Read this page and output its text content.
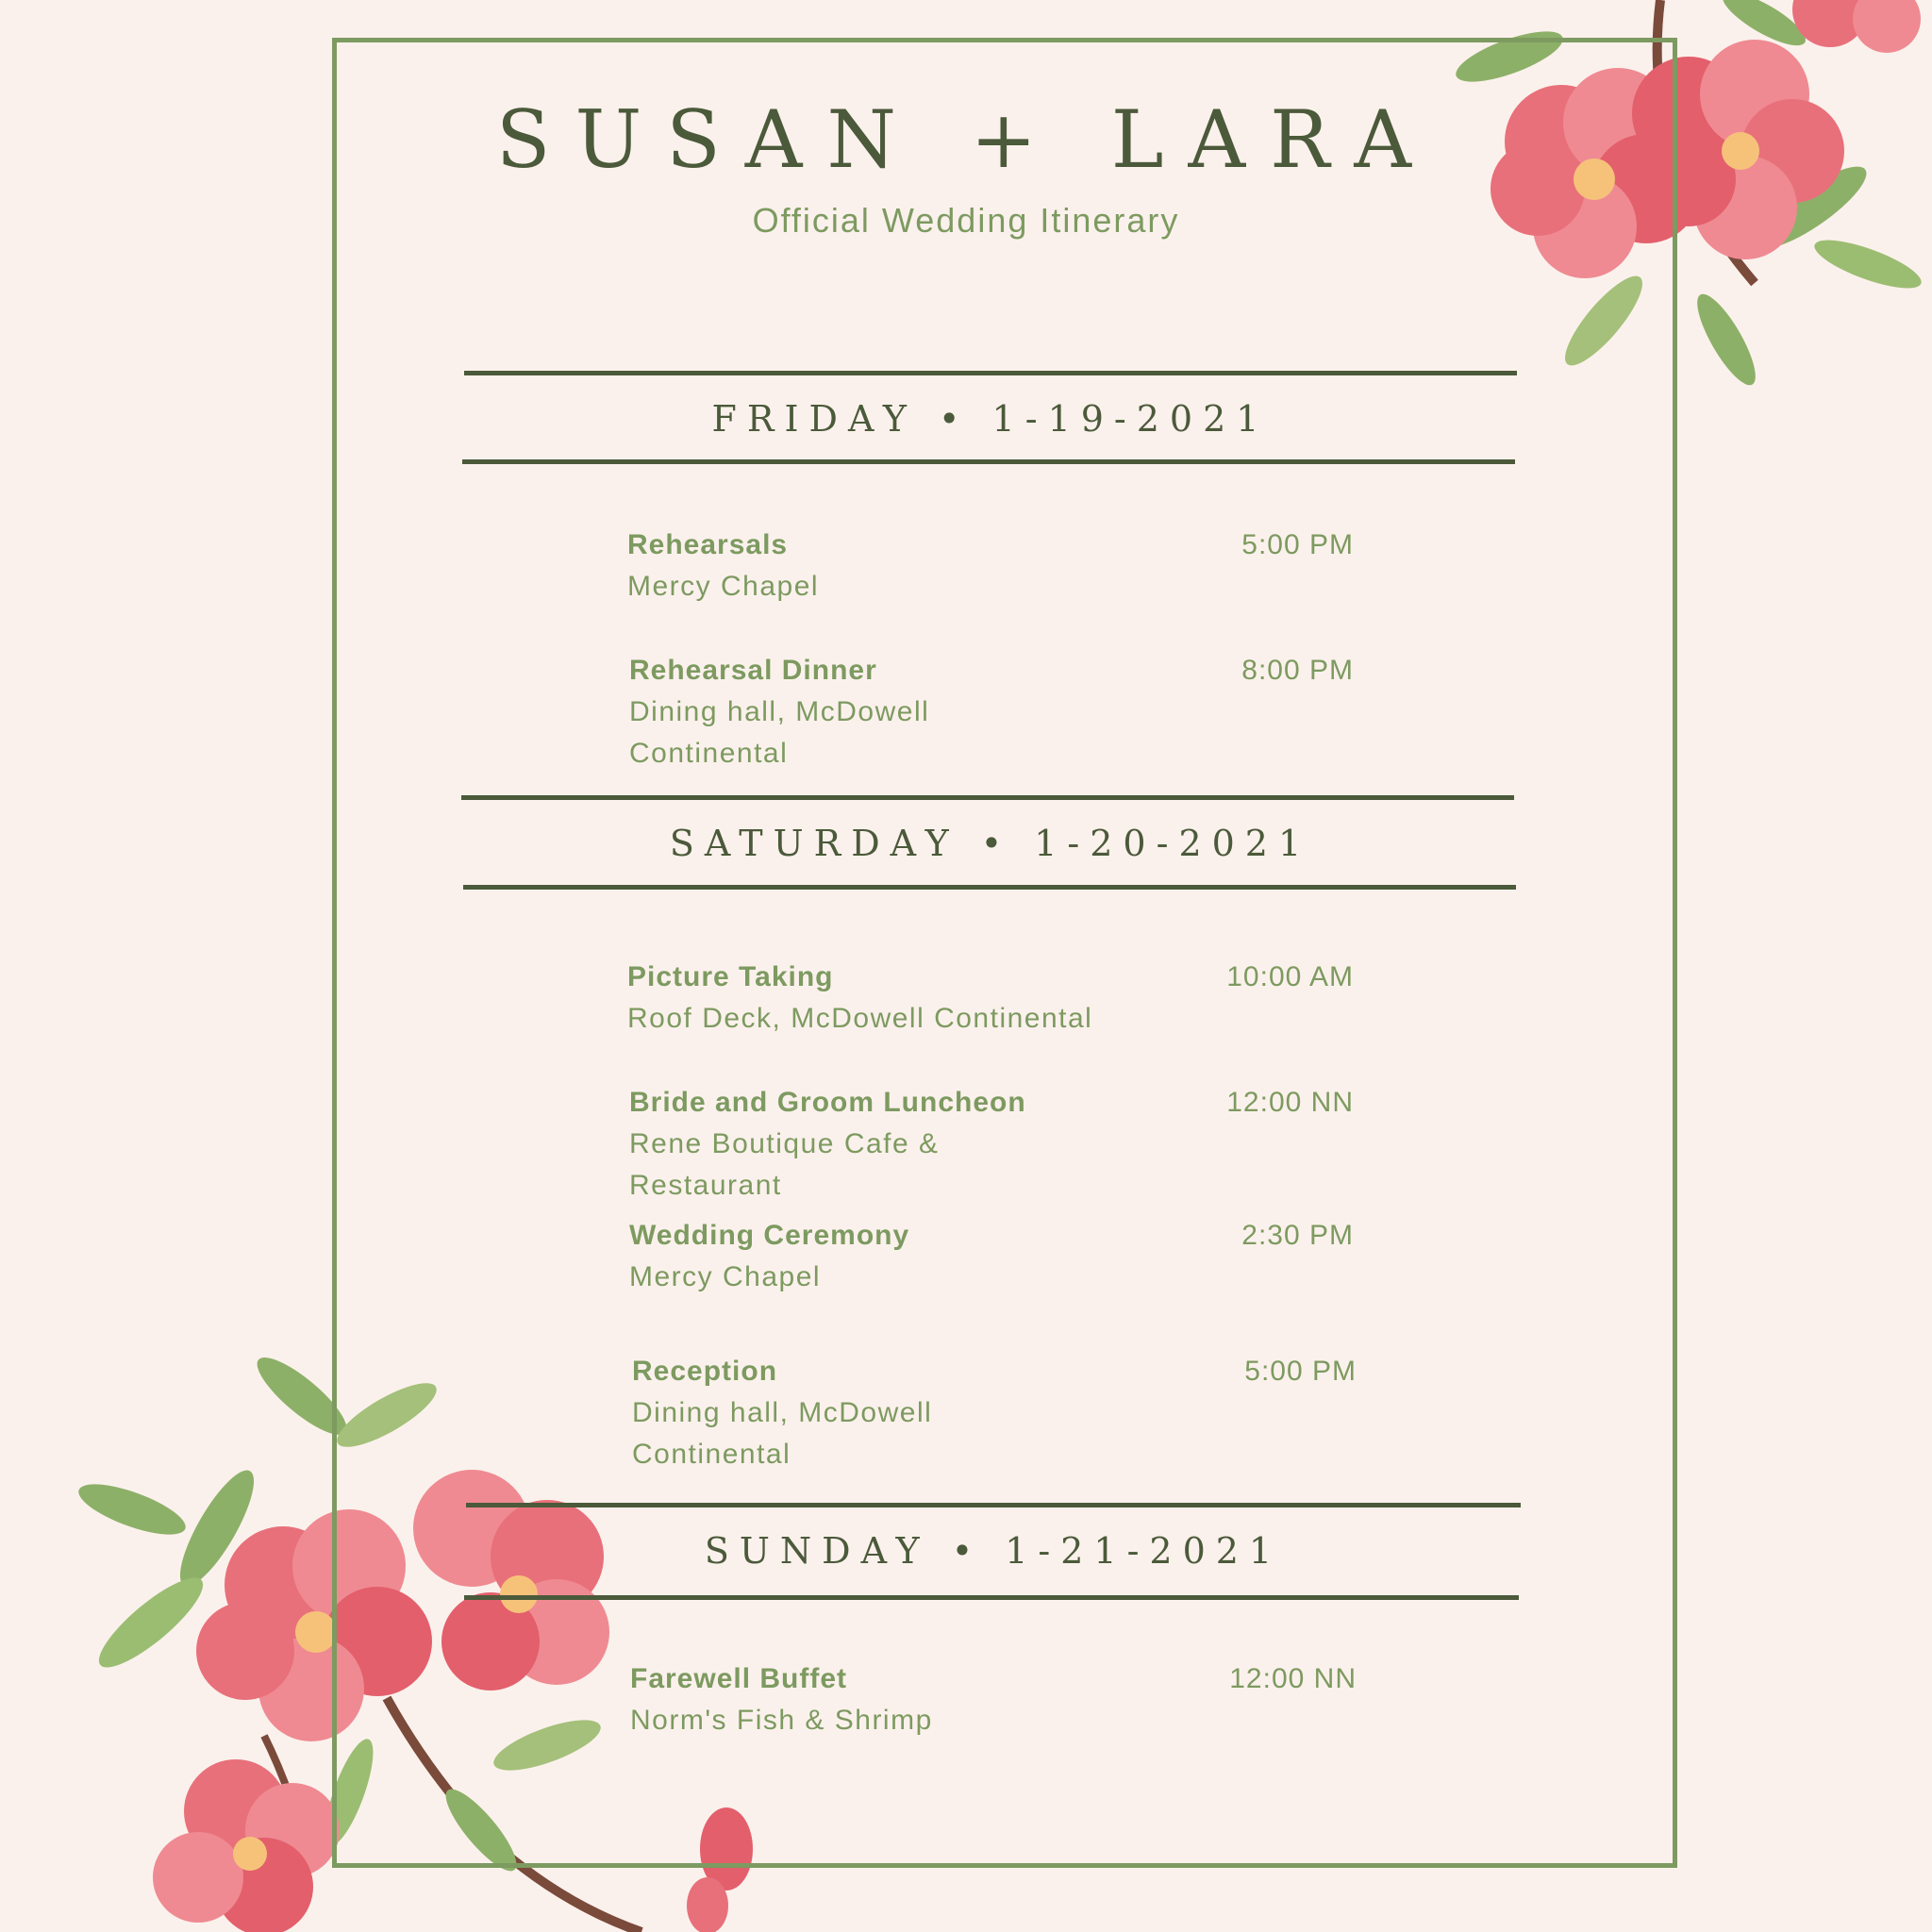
SUSAN + LARA
Official Wedding Itinerary
FRIDAY • 1-19-2021
Rehearsals
Mercy Chapel
5:00 PM
Rehearsal Dinner
Dining hall, McDowell Continental
8:00 PM
SATURDAY • 1-20-2021
Picture Taking
Roof Deck, McDowell Continental
10:00 AM
Bride and Groom Luncheon
Rene Boutique Cafe & Restaurant
12:00 NN
Wedding Ceremony
Mercy Chapel
2:30 PM
Reception
Dining hall, McDowell Continental
5:00 PM
SUNDAY • 1-21-2021
Farewell Buffet
Norm's Fish & Shrimp
12:00 NN
